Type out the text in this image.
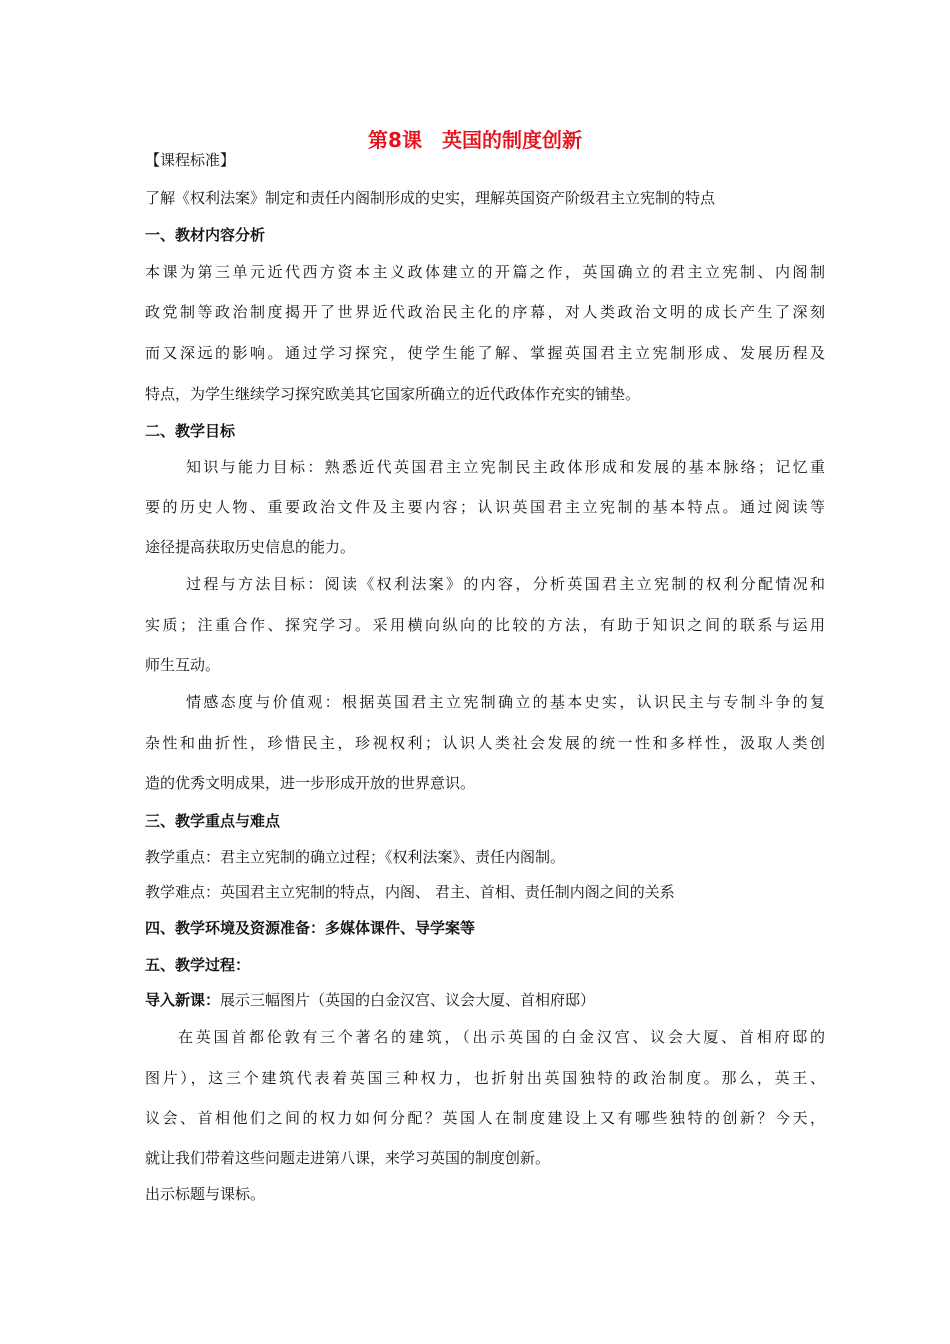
第8课　英国的制度创新
【课程标准】
了解《权利法案》制定和责任内阁制形成的史实，理解英国资产阶级君主立宪制的特点
一、教材内容分析
本课为第三单元近代西方资本主义政体建立的开篇之作，英国确立的君主立宪制、内阁制
政党制等政治制度揭开了世界近代政治民主化的序幕，对人类政治文明的成长产生了深刻
而又深远的影响。通过学习探究，使学生能了解、掌握英国君主立宪制形成、发展历程及
特点，为学生继续学习探究欧美其它国家所确立的近代政体作充实的铺垫。
二、教学目标
知识与能力目标：熟悉近代英国君主立宪制民主政体形成和发展的基本脉络；记忆重
要的历史人物、重要政治文件及主要内容；认识英国君主立宪制的基本特点。通过阅读等
途径提高获取历史信息的能力。
过程与方法目标：阅读《权利法案》的内容，分析英国君主立宪制的权利分配情况和
实质；注重合作、探究学习。采用横向纵向的比较的方法，有助于知识之间的联系与运用
师生互动。
情感态度与价值观：根据英国君主立宪制确立的基本史实，认识民主与专制斗争的复
杂性和曲折性，珍惜民主，珍视权利；认识人类社会发展的统一性和多样性，汲取人类创
造的优秀文明成果，进一步形成开放的世界意识。
三、教学重点与难点
教学重点：君主立宪制的确立过程；《权利法案》、责任内阁制。
教学难点：英国君主立宪制的特点，内阁、 君主、首相、责任制内阁之间的关系
四、教学环境及资源准备：多媒体课件、导学案等
五、教学过程：
导入新课：展示三幅图片（英国的白金汉宫、议会大厦、首相府邸）
在英国首都伦敦有三个著名的建筑，（出示英国的白金汉宫、议会大厦、首相府邸的
图片），这三个建筑代表着英国三种权力，也折射出英国独特的政治制度。那么，英王、
议会、首相他们之间的权力如何分配？英国人在制度建设上又有哪些独特的创新？今天，
就让我们带着这些问题走进第八课，来学习英国的制度创新。
出示标题与课标。
